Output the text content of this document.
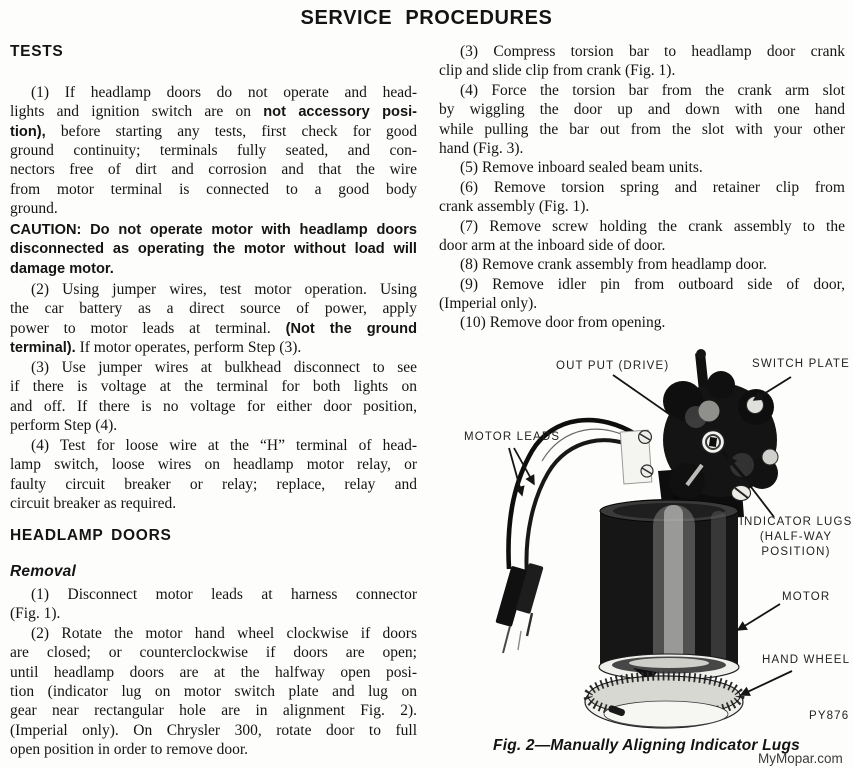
SERVICE PROCEDURES
TESTS
(1) If headlamp doors do not operate and head-
lights and ignition switch are on not accessory posi-
tion), before starting any tests, first check for good
ground continuity; terminals fully seated, and con-
nectors free of dirt and corrosion and that the wire
from motor terminal is connected to a good body
ground.
CAUTION: Do not operate motor with headlamp doors
disconnected as operating the motor without load will
damage motor.
(2) Using jumper wires, test motor operation. Using
the car battery as a direct source of power, apply
power to motor leads at terminal. (Not the ground
terminal). If motor operates, perform Step (3).
(3) Use jumper wires at bulkhead disconnect to see
if there is voltage at the terminal for both lights on
and off. If there is no voltage for either door position,
perform Step (4).
(4) Test for loose wire at the “H” terminal of head-
lamp switch, loose wires on headlamp motor relay, or
faulty circuit breaker or relay; replace, relay and
circuit breaker as required.
HEADLAMP DOORS
Removal
(1) Disconnect motor leads at harness connector
(Fig. 1).
(2) Rotate the motor hand wheel clockwise if doors
are closed; or counterclockwise if doors are open;
until headlamp doors are at the halfway open posi-
tion (indicator lug on motor switch plate and lug on
gear near rectangular hole are in alignment Fig. 2).
(Imperial only). On Chrysler 300, rotate door to full
open position in order to remove door.
(3) Compress torsion bar to headlamp door crank
clip and slide clip from crank (Fig. 1).
(4) Force the torsion bar from the crank arm slot
by wiggling the door up and down with one hand
while pulling the bar out from the slot with your other
hand (Fig. 3).
(5) Remove inboard sealed beam units.
(6) Remove torsion spring and retainer clip from
crank assembly (Fig. 1).
(7) Remove screw holding the crank assembly to the
door arm at the inboard side of door.
(8) Remove crank assembly from headlamp door.
(9) Remove idler pin from outboard side of door,
(Imperial only).
(10) Remove door from opening.
OUT PUT (DRIVE)	SWITCH PLATE
MOTOR LEADS
INDICATOR LUGS
(HALF-WAY
POSITION)
MOTOR
HAND WHEEL
PY876
Fig. 2—Manually Aligning Indicator Lugs
MyMopar.com
